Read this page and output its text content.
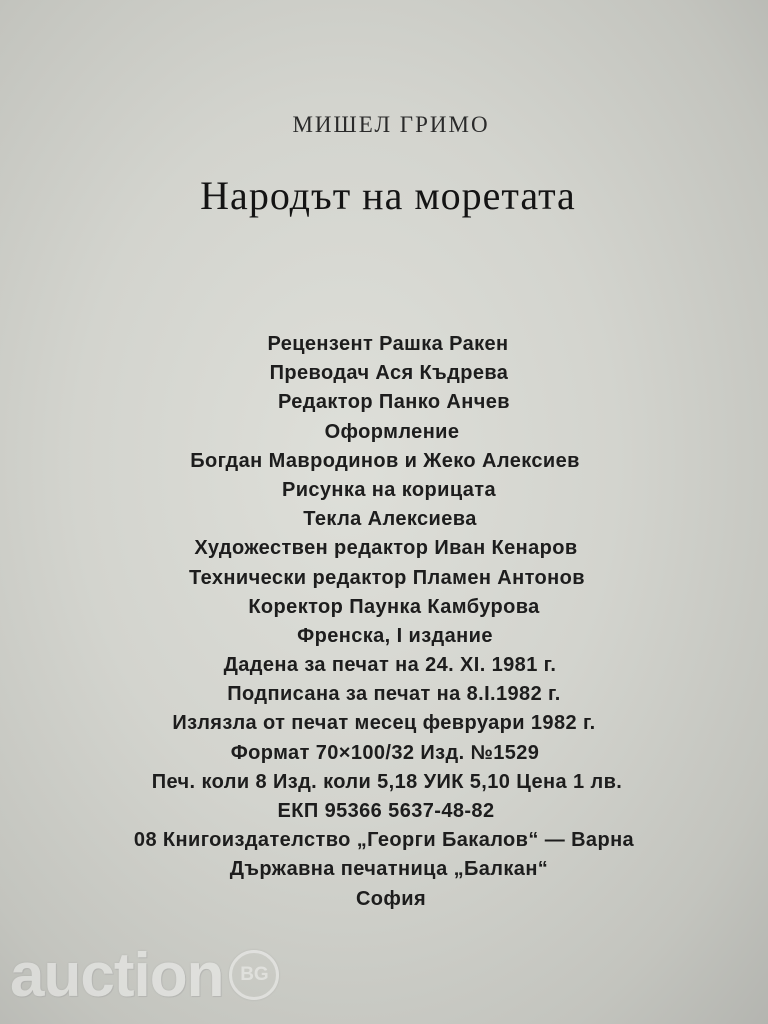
МИШЕЛ ГРИМО
Народът на моретата
Рецензент Рашка Ракен
Преводач Ася Къдрева
Редактор Панко Анчев
Оформление
Богдан Мавродинов и Жеко Алексиев
Рисунка на корицата
Текла Алексиева
Художествен редактор Иван Кенаров
Технически редактор Пламен Антонов
Коректор Паунка Камбурова
Френска, I издание
Дадена за печат на 24. XI. 1981 г.
Подписана за печат на 8.I.1982 г.
Излязла от печат месец февруари 1982 г.
Формат 70×100/32 Изд. №1529
Печ. коли 8 Изд. коли 5,18 УИК 5,10 Цена 1 лв.
ЕКП 95366 5637-48-82
08 Книгоиздателство „Георги Бакалов“ — Варна
Държавна печатница „Балкан“
София
auction BG
